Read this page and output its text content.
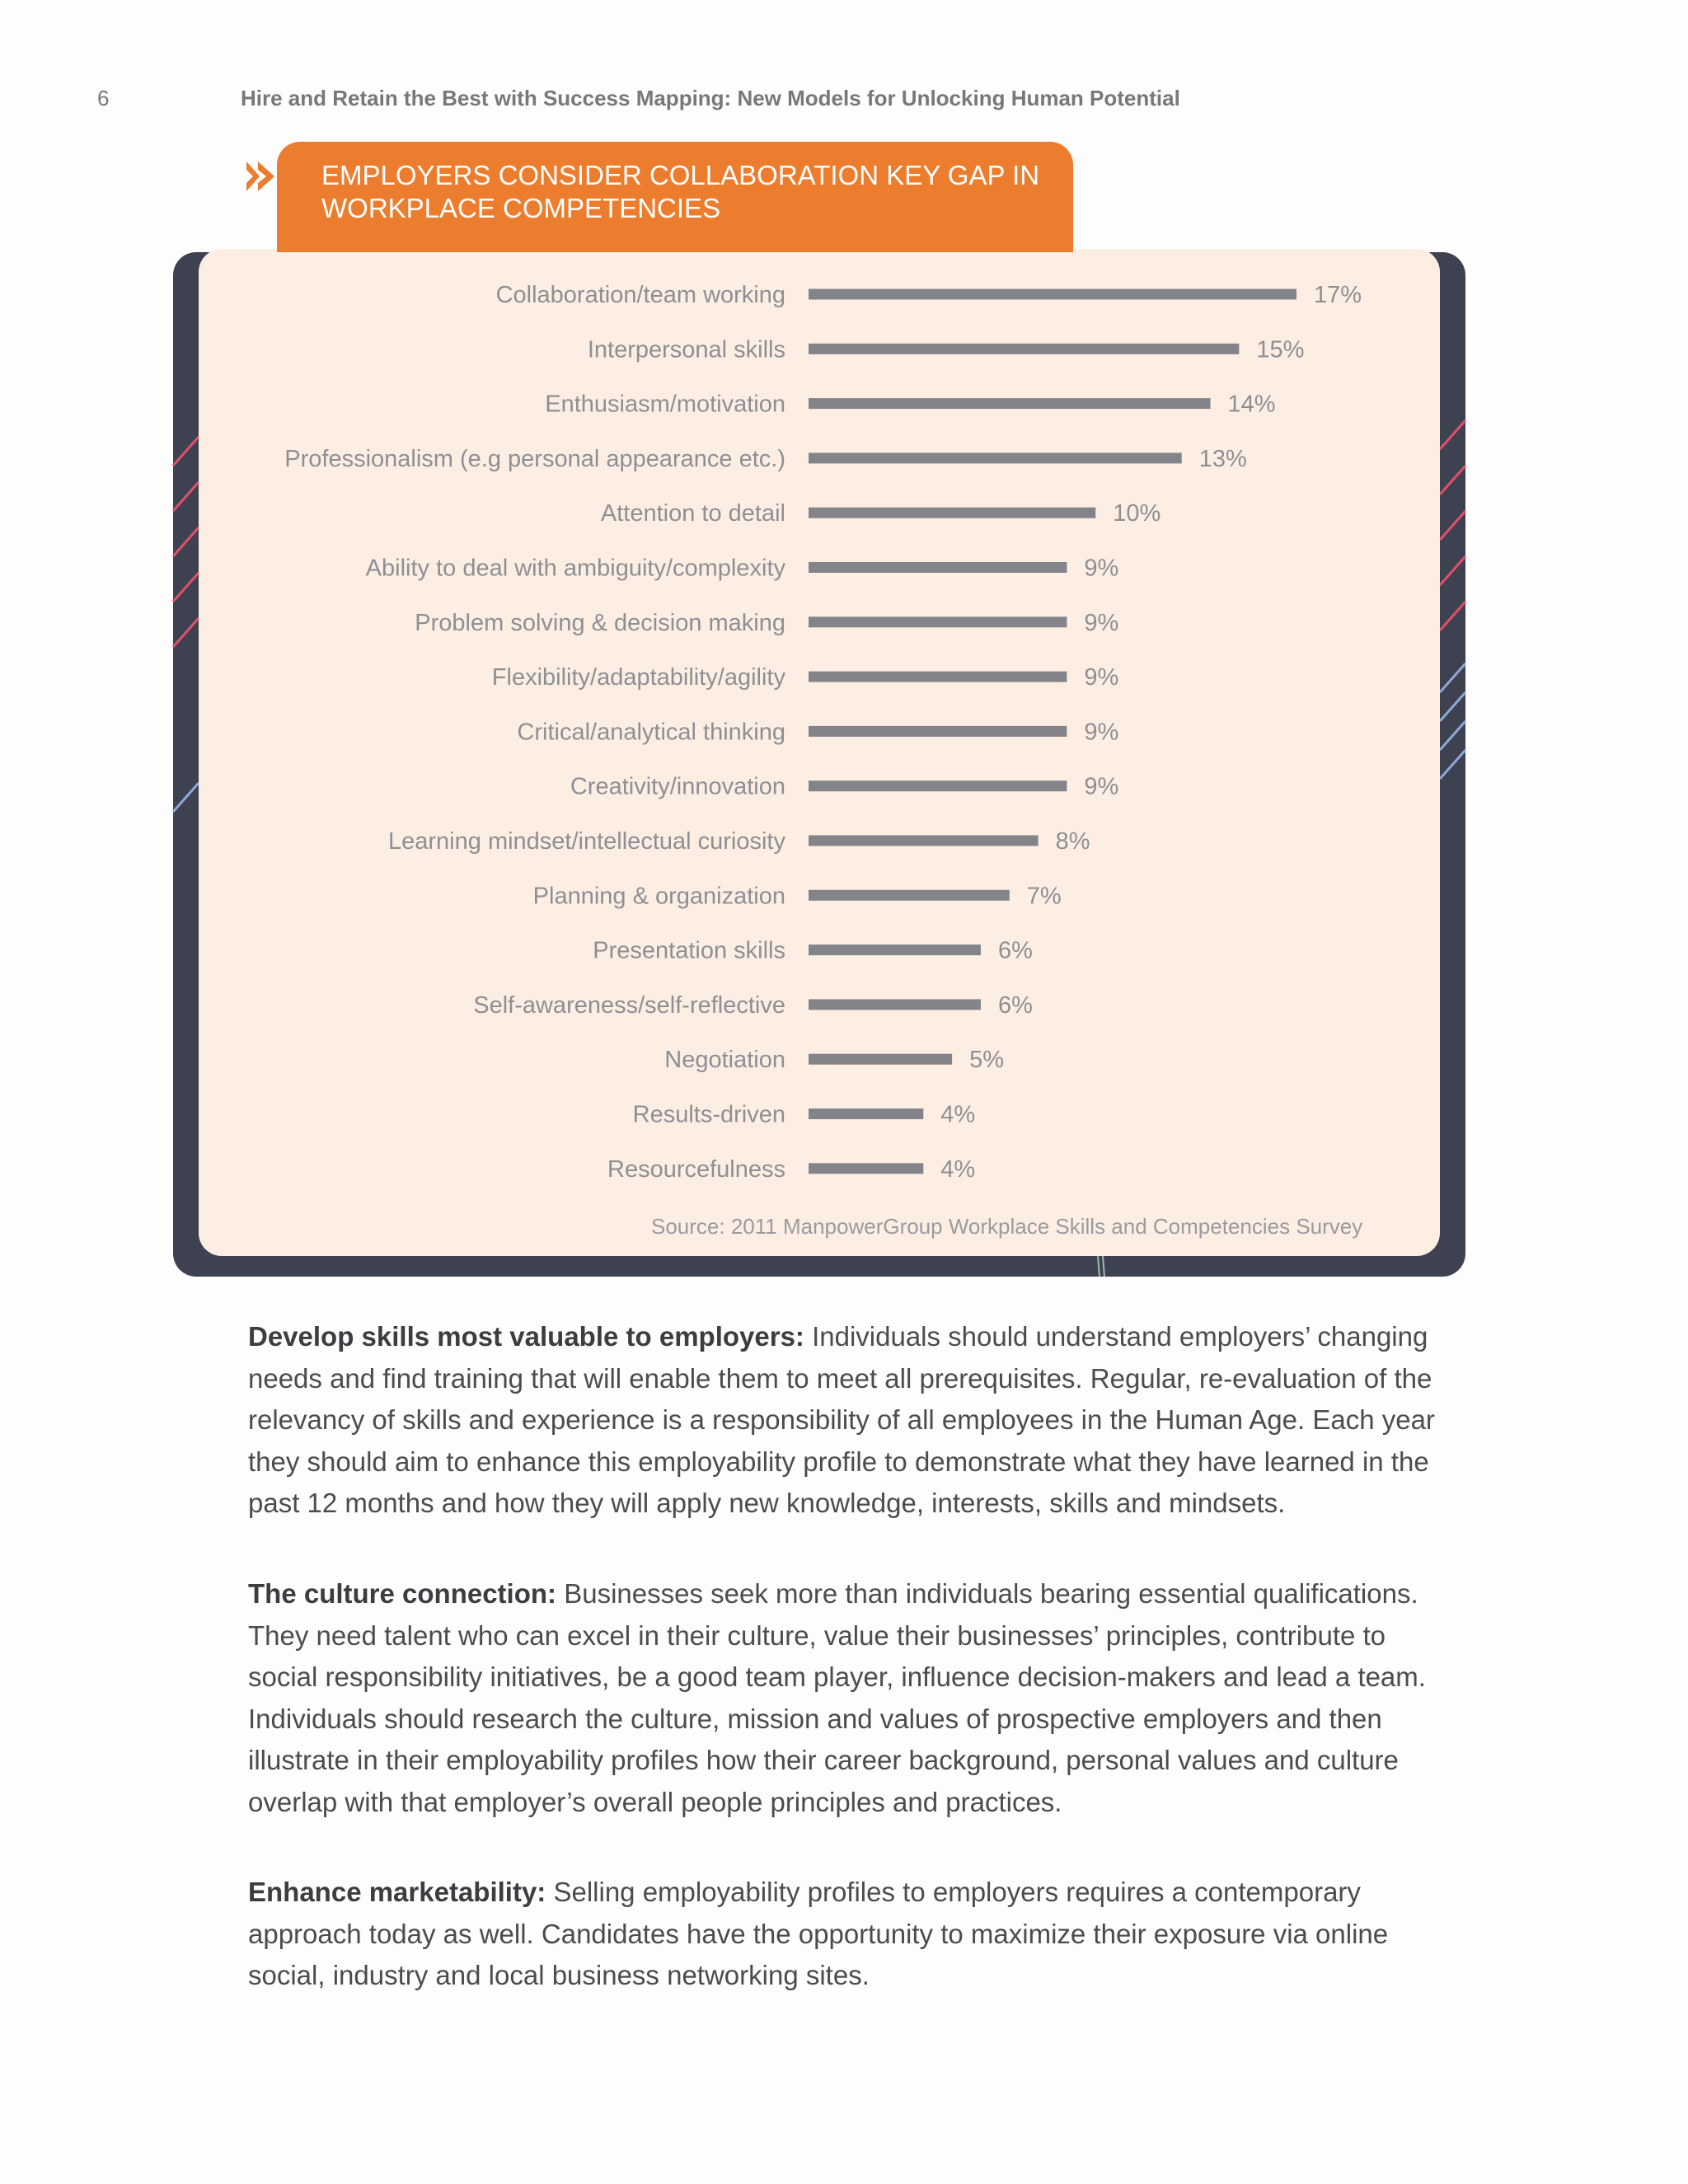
6	Hire and Retain the Best with Success Mapping: New Models for Unlocking Human Potential
EMPLOYERS CONSIDER COLLABORATION KEY GAP IN
WORKPLACE COMPETENCIES
Collaboration/team working	17%
Interpersonal skills	15%
Enthusiasm/motivation	14%
Professionalism (e.g personal appearance etc.)	13%
Attention to detail	10%
Ability to deal with ambiguity/complexity	9%
Problem solving & decision making	9%
Flexibility/adaptability/agility	9%
Critical/analytical thinking	9%
Creativity/innovation	9%
Learning mindset/intellectual curiosity	8%
Planning & organization	7%
Presentation skills	6%
Self-awareness/self-reflective	6%
Negotiation	5%
Results-driven	4%
Resourcefulness	4%
Source: 2011 ManpowerGroup Workplace Skills and Competencies Survey

Develop skills most valuable to employers: Individuals should understand employers’ changing needs and find training that will enable them to meet all prerequisites. Regular, re-evaluation of the relevancy of skills and experience is a responsibility of all employees in the Human Age. Each year they should aim to enhance this employability profile to demonstrate what they have learned in the past 12 months and how they will apply new knowledge, interests, skills and mindsets.

The culture connection: Businesses seek more than individuals bearing essential qualifications. They need talent who can excel in their culture, value their businesses’ principles, contribute to social responsibility initiatives, be a good team player, influence decision-makers and lead a team. Individuals should research the culture, mission and values of prospective employers and then illustrate in their employability profiles how their career background, personal values and culture overlap with that employer’s overall people principles and practices.

Enhance marketability: Selling employability profiles to employers requires a contemporary approach today as well. Candidates have the opportunity to maximize their exposure via online social, industry and local business networking sites.
